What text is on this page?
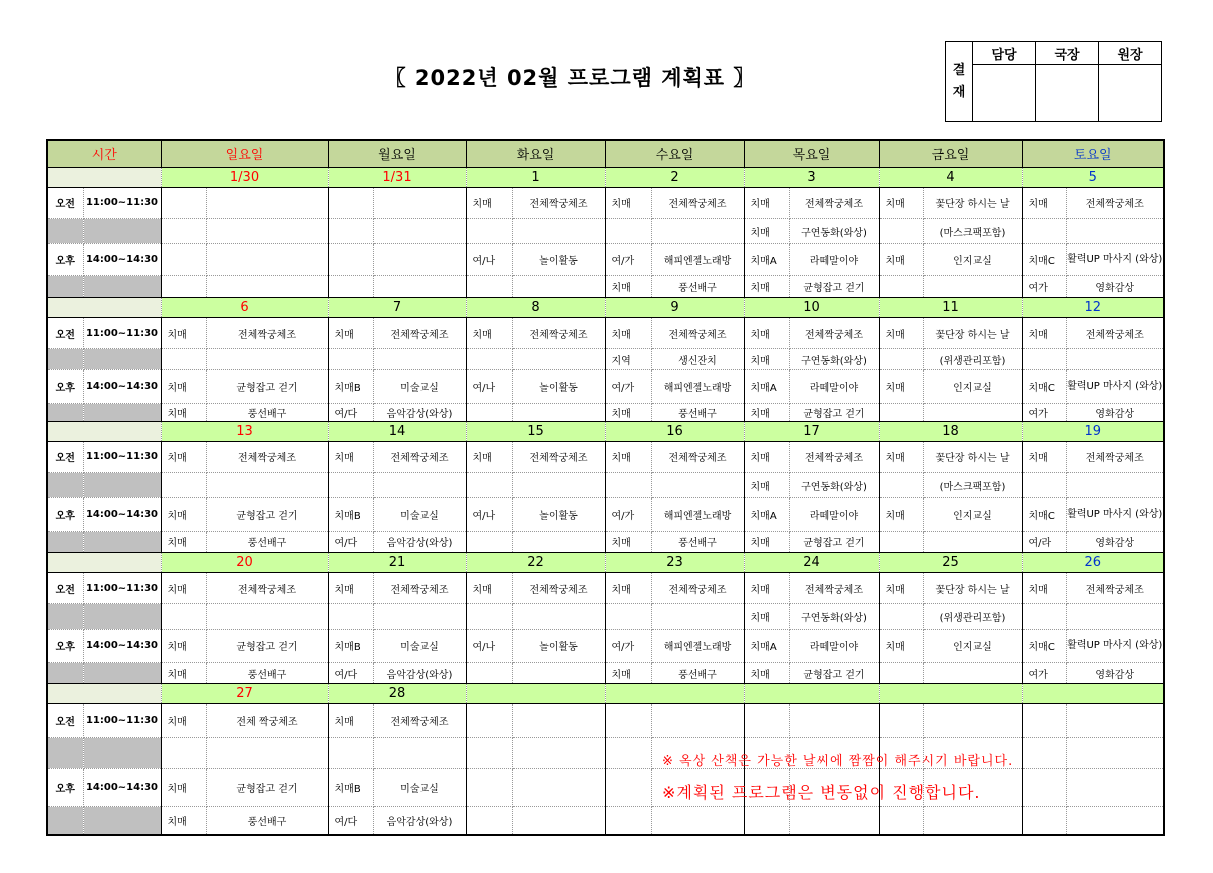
〖 2022년 02월 프로그램 계획표 〗	결
재	담당	국장	원장

시간		일요일		월요일		화요일		수요일		목요일		금요일		토요일	
		1/30		1/31		1		2		3		4		5	
오전	11:00~11:30					치매	전체짝궁체조	치매	전체짝궁체조	치매	전체짝궁체조	치매	꽃단장 하시는 날	치매	전체짝궁체조
										치매	구연동화(와상)		(마스크팩포함)		
오후	14:00~14:30					여/나	놀이활동	여/가	해피엔젤노래방	치매A	라떼말이야	치매	인지교실	치매C	활력UP 마사지 (와상)
								치매	풍선배구	치매	균형잡고 걷기			여가	영화감상
		6		7		8		9		10		11		12	
오전	11:00~11:30	치매	전체짝궁체조	치매	전체짝궁체조	치매	전체짝궁체조	치매	전체짝궁체조	치매	전체짝궁체조	치매	꽃단장 하시는 날	치매	전체짝궁체조
								지역	생신잔치	치매	구연동화(와상)		(위생관리포함)		
오후	14:00~14:30	치매	균형잡고 걷기	치매B	미술교실	여/나	놀이활동	여/가	해피엔젤노래방	치매A	라떼말이야	치매	인지교실	치매C	활력UP 마사지 (와상)
		치매	풍선배구	여/다	음악감상(와상)			치매	풍선배구	치매	균형잡고 걷기			여가	영화감상
		13		14		15		16		17		18		19	
오전	11:00~11:30	치매	전체짝궁체조	치매	전체짝궁체조	치매	전체짝궁체조	치매	전체짝궁체조	치매	전체짝궁체조	치매	꽃단장 하시는 날	치매	전체짝궁체조
										치매	구연동화(와상)		(마스크팩포함)		
오후	14:00~14:30	치매	균형잡고 걷기	치매B	미술교실	여/나	놀이활동	여/가	해피엔젤노래방	치매A	라떼말이야	치매	인지교실	치매C	활력UP 마사지 (와상)
		치매	풍선배구	여/다	음악감상(와상)			치매	풍선배구	치매	균형잡고 걷기			여/라	영화감상
		20		21		22		23		24		25		26	
오전	11:00~11:30	치매	전체짝궁체조	치매	전체짝궁체조	치매	전체짝궁체조	치매	전체짝궁체조	치매	전체짝궁체조	치매	꽃단장 하시는 날	치매	전체짝궁체조
										치매	구연동화(와상)		(위생관리포함)		
오후	14:00~14:30	치매	균형잡고 걷기	치매B	미술교실	여/나	놀이활동	여/가	해피엔젤노래방	치매A	라떼말이야	치매	인지교실	치매C	활력UP 마사지 (와상)
		치매	풍선배구	여/다	음악감상(와상)			치매	풍선배구	치매	균형잡고 걷기			여가	영화감상
		27		28											
오전	11:00~11:30	치매	전체 짝궁체조	치매	전체짝궁체조										

오후	14:00~14:30	치매	균형잡고 걷기	치매B	미술교실										
		치매	풍선배구	여/다	음악감상(와상)										
※ 옥상 산책은 가능한 날씨에 짬짬이 해주시기 바랍니다.
※계획된 프로그램은 변동없이 진행합니다.
